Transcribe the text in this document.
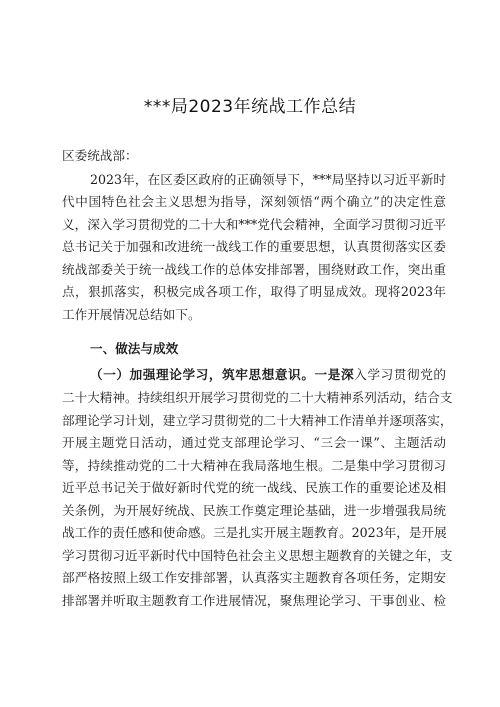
***局2023年统战工作总结
区委统战部：
2023年，在区委区政府的正确领导下，***局坚持以习近平新时
代中国特色社会主义思想为指导，深刻领悟“两个确立”的决定性意
义，深入学习贯彻党的二十大和***党代会精神，全面学习贯彻习近平
总书记关于加强和改进统一战线工作的重要思想，认真贯彻落实区委
统战部委关于统一战线工作的总体安排部署，围绕财政工作，突出重
点，狠抓落实，积极完成各项工作，取得了明显成效。现将2023年
工作开展情况总结如下。
一、做法与成效
（一）加强理论学习，筑牢思想意识。一是深入学习贯彻党的
二十大精神。持续组织开展学习贯彻党的二十大精神系列活动，结合支
部理论学习计划，建立学习贯彻党的二十大精神工作清单并逐项落实，
开展主题党日活动，通过党支部理论学习、“三会一课”、主题活动
等，持续推动党的二十大精神在我局落地生根。二是集中学习贯彻习
近平总书记关于做好新时代党的统一战线、民族工作的重要论述及相
关条例，为开展好统战、民族工作奠定理论基础，进一步增强我局统
战工作的责任感和使命感。三是扎实开展主题教育。2023年，是开展
学习贯彻习近平新时代中国特色社会主义思想主题教育的关键之年，支
部严格按照上级工作安排部署，认真落实主题教育各项任务，定期安
排部署并听取主题教育工作进展情况，聚焦理论学习、干事创业、检
